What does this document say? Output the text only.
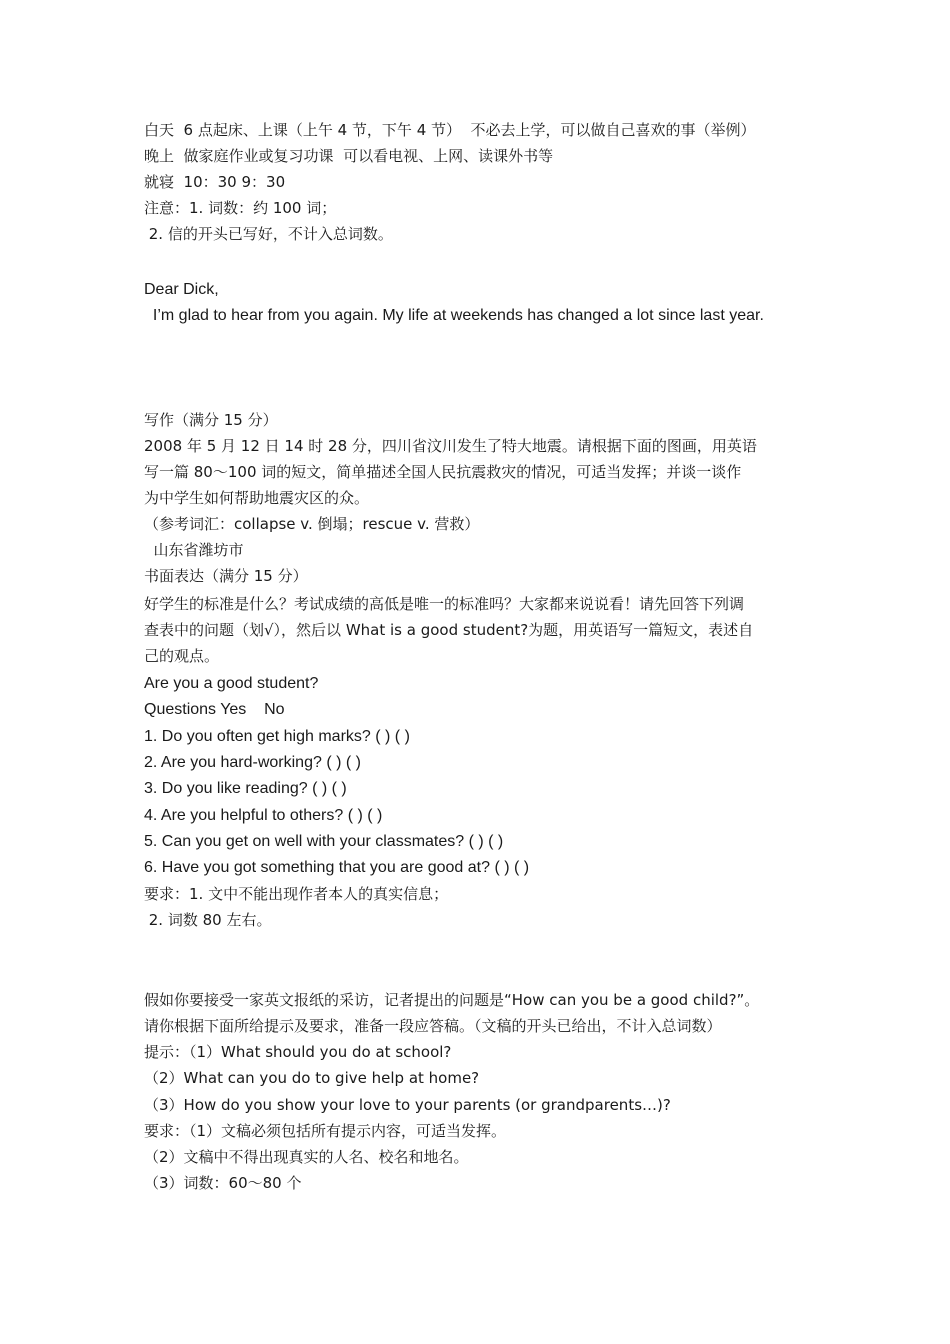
白天  6 点起床、上课（上午 4 节，下午 4 节）  不必去上学，可以做自己喜欢的事（举例）
晚上  做家庭作业或复习功课  可以看电视、上网、读课外书等
就寝  10：30 9：30
注意：1. 词数：约 100 词；
2. 信的开头已写好，不计入总词数。
Dear Dick,
I’m glad to hear from you again. My life at weekends has changed a lot since last year.
写作（满分 15 分）
2008 年 5 月 12 日 14 时 28 分，四川省汶川发生了特大地震。请根据下面的图画，用英语
写一篇 80～100 词的短文，简单描述全国人民抗震救灾的情况，可适当发挥；并谈一谈作
为中学生如何帮助地震灾区的众。
（参考词汇：collapse v. 倒塌；rescue v. 营救）
山东省潍坊市
书面表达（满分 15 分）
好学生的标准是什么？考试成绩的高低是唯一的标准吗？大家都来说说看！请先回答下列调
查表中的问题（划√），然后以 What is a good student?为题，用英语写一篇短文，表述自
己的观点。
Are you a good student?
Questions Yes    No
1. Do you often get high marks? ( ) ( )
2. Are you hard-working? ( ) ( )
3. Do you like reading? ( ) ( )
4. Are you helpful to others? ( ) ( )
5. Can you get on well with your classmates? ( ) ( )
6. Have you got something that you are good at? ( ) ( )
要求：1. 文中不能出现作者本人的真实信息；
2. 词数 80 左右。
假如你要接受一家英文报纸的采访，记者提出的问题是“How can you be a good child?”。
请你根据下面所给提示及要求，准备一段应答稿。（文稿的开头已给出，不计入总词数）
提示：（1）What should you do at school?
（2）What can you do to give help at home?
（3）How do you show your love to your parents (or grandparents…)?
要求：（1）文稿必须包括所有提示内容，可适当发挥。
（2）文稿中不得出现真实的人名、校名和地名。
（3）词数：60～80 个
